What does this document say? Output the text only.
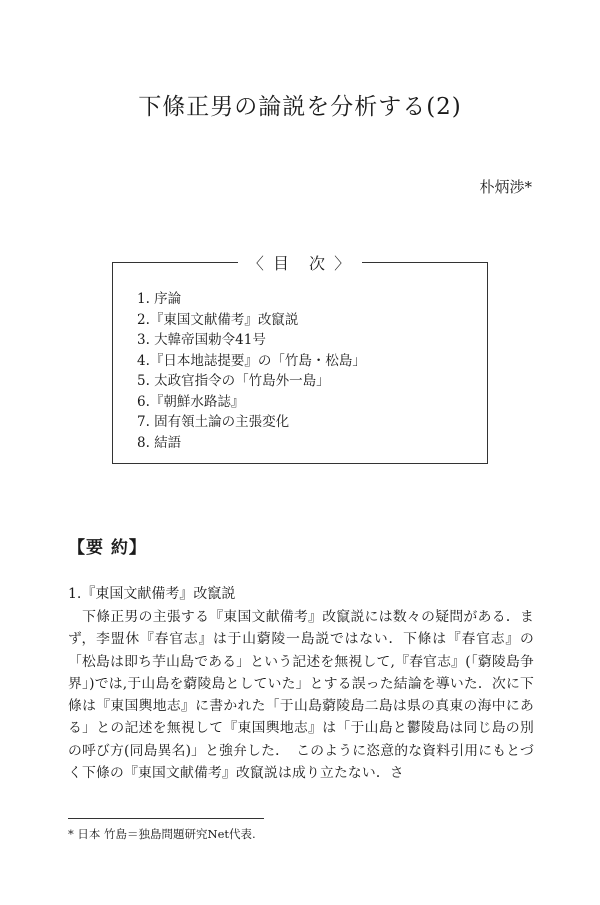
下條正男の論説を分析する(2)
朴炳渉*
〈 目　次 〉
1. 序論
2.『東国文献備考』改竄説
3. 大韓帝国勅令41号
4.『日本地誌提要』の「竹島・松島」
5. 太政官指令の「竹島外一島」
6.『朝鮮水路誌』
7. 固有領土論の主張変化
8. 結語
【要 約】
1.『東国文献備考』改竄説
　下條正男の主張する『東国文献備考』改竄説には数々の疑問がある．まず，李盟休『春官志』は于山藭陵一島説ではない．下條は『春官志』の「松島は即ち芋山島である」という記述を無視して,『春官志』(「藭陵島争界」)では,于山島を藭陵島としていた」とする誤った結論を導いた．次に下條は『東国輿地志』に書かれた「于山島藭陵島二島は県の真東の海中にある」との記述を無視して『東国輿地志』は「于山島と鬱陵島は同じ島の別の呼び方(同島異名)」と強弁した．　このように恣意的な資料引用にもとづく下條の『東国文献備考』改竄説は成り立たない．さ
* 日本 竹島＝独島問題研究Net代表.
